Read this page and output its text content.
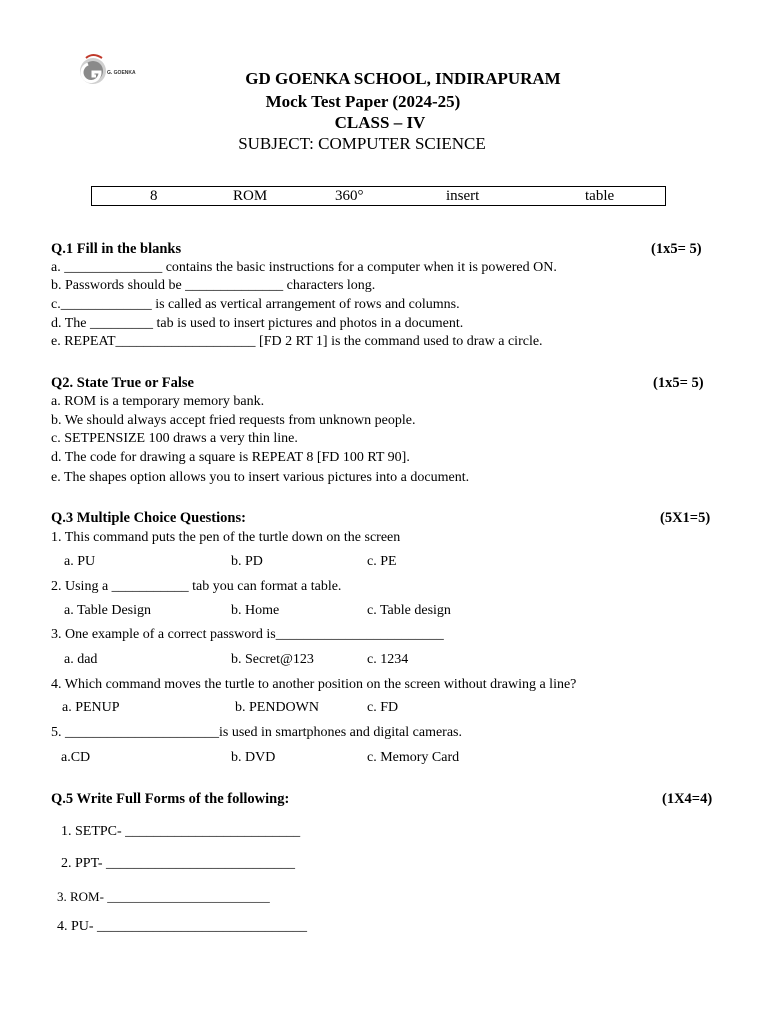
G. GOENKA	GD GOENKA SCHOOL, INDIRAPURAM
Mock Test Paper (2024-25)
CLASS – IV
SUBJECT: COMPUTER SCIENCE
8	ROM	360°	insert	table
Q.1 Fill in the blanks	(1x5= 5)
a. ______________ contains the basic instructions for a computer when it is powered ON.
b. Passwords should be ______________ characters long.
c._____________ is called as vertical arrangement of rows and columns.
d. The _________ tab is used to insert pictures and photos in a document.
e. REPEAT____________________ [FD 2 RT 1] is the command used to draw a circle.
Q2. State True or False	(1x5= 5)
a. ROM is a temporary memory bank.
b. We should always accept fried requests from unknown people.
c. SETPENSIZE 100 draws a very thin line.
d. The code for drawing a square is REPEAT 8 [FD 100 RT 90].
e. The shapes option allows you to insert various pictures into a document.
Q.3 Multiple Choice Questions:	(5X1=5)
1. This command puts the pen of the turtle down on the screen
a. PU	b. PD	c. PE
2. Using a ___________ tab you can format a table.
a. Table Design	b. Home	c. Table design
3. One example of a correct password is________________________
a. dad	b. Secret@123	c. 1234
4. Which command moves the turtle to another position on the screen without drawing a line?
a. PENUP	b. PENDOWN	c. FD
5. ______________________is used in smartphones and digital cameras.
a.CD	b. DVD	c. Memory Card
Q.5 Write Full Forms of the following:	(1X4=4)
1. SETPC- _________________________
2. PPT- ___________________________
3. ROM- _________________________
4. PU- ______________________________
